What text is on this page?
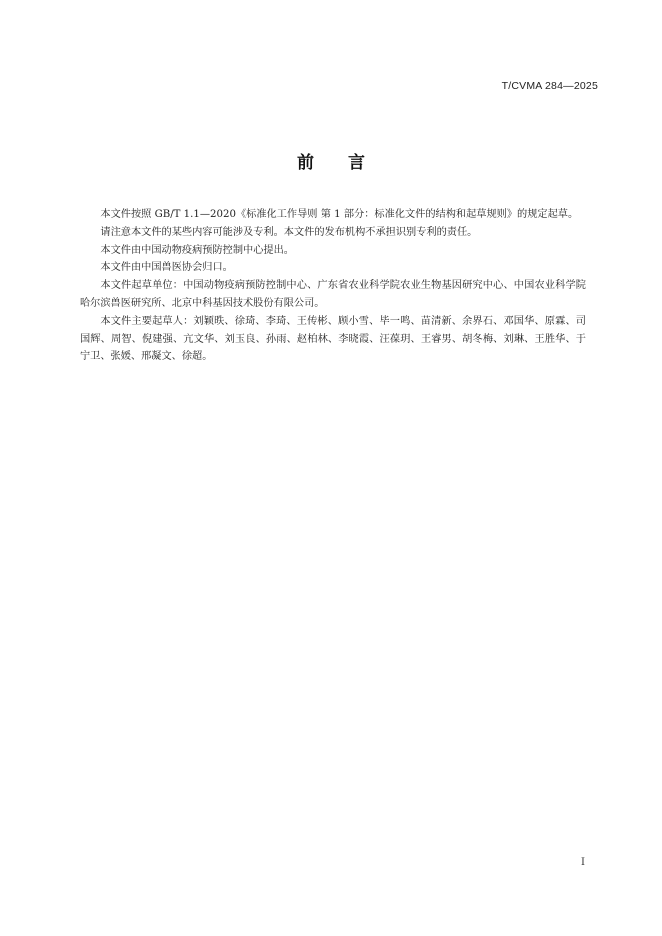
T/CVMA 284—2025
前 言

本文件按照 GB/T 1.1—2020《标准化工作导则 第 1 部分：标准化文件的结构和起草规则》的规定起草。

请注意本文件的某些内容可能涉及专利。本文件的发布机构不承担识别专利的责任。

本文件由中国动物疫病预防控制中心提出。

本文件由中国兽医协会归口。

本文件起草单位：中国动物疫病预防控制中心、广东省农业科学院农业生物基因研究中心、中国农业科学院哈尔滨兽医研究所、北京中科基因技术股份有限公司。

本文件主要起草人：刘颖昳、徐琦、李琦、王传彬、顾小雪、毕一鸣、苗清新、余界石、邓国华、原霖、司国辉、周智、倪建强、亢文华、刘玉良、孙雨、赵柏林、李晓霞、汪葆玥、王睿男、胡冬梅、刘琳、王胜华、于宁卫、张媛、邢凝文、徐超。

I
